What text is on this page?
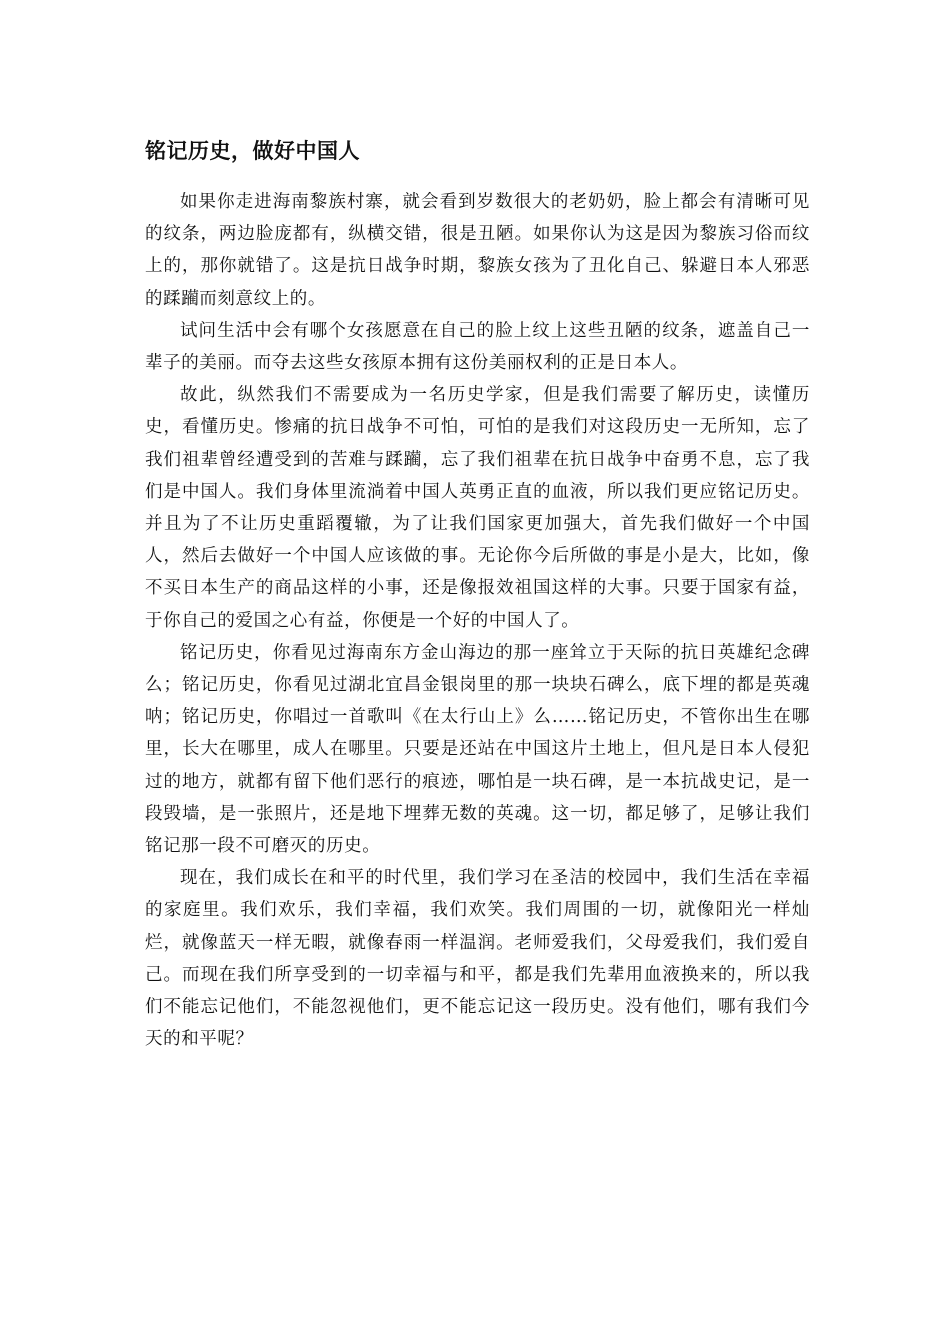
铭记历史，做好中国人

如果你走进海南黎族村寨，就会看到岁数很大的老奶奶，脸上都会有清晰可见的纹条，两边脸庞都有，纵横交错，很是丑陋。如果你认为这是因为黎族习俗而纹上的，那你就错了。这是抗日战争时期，黎族女孩为了丑化自己、躲避日本人邪恶的蹂躏而刻意纹上的。

试问生活中会有哪个女孩愿意在自己的脸上纹上这些丑陋的纹条，遮盖自己一辈子的美丽。而夺去这些女孩原本拥有这份美丽权利的正是日本人。

故此，纵然我们不需要成为一名历史学家，但是我们需要了解历史，读懂历史，看懂历史。惨痛的抗日战争不可怕，可怕的是我们对这段历史一无所知，忘了我们祖辈曾经遭受到的苦难与蹂躏，忘了我们祖辈在抗日战争中奋勇不息，忘了我们是中国人。我们身体里流淌着中国人英勇正直的血液，所以我们更应铭记历史。并且为了不让历史重蹈覆辙，为了让我们国家更加强大，首先我们做好一个中国人，然后去做好一个中国人应该做的事。无论你今后所做的事是小是大，比如，像不买日本生产的商品这样的小事，还是像报效祖国这样的大事。只要于国家有益，于你自己的爱国之心有益，你便是一个好的中国人了。

铭记历史，你看见过海南东方金山海边的那一座耸立于天际的抗日英雄纪念碑么；铭记历史，你看见过湖北宜昌金银岗里的那一块块石碑么，底下埋的都是英魂呐；铭记历史，你唱过一首歌叫《在太行山上》么……铭记历史，不管你出生在哪里，长大在哪里，成人在哪里。只要是还站在中国这片土地上，但凡是日本人侵犯过的地方，就都有留下他们恶行的痕迹，哪怕是一块石碑，是一本抗战史记，是一段毁墙，是一张照片，还是地下埋葬无数的英魂。这一切，都足够了，足够让我们铭记那一段不可磨灭的历史。

现在，我们成长在和平的时代里，我们学习在圣洁的校园中，我们生活在幸福的家庭里。我们欢乐，我们幸福，我们欢笑。我们周围的一切，就像阳光一样灿烂，就像蓝天一样无暇，就像春雨一样温润。老师爱我们，父母爱我们，我们爱自己。而现在我们所享受到的一切幸福与和平，都是我们先辈用血液换来的，所以我们不能忘记他们，不能忽视他们，更不能忘记这一段历史。没有他们，哪有我们今天的和平呢？
